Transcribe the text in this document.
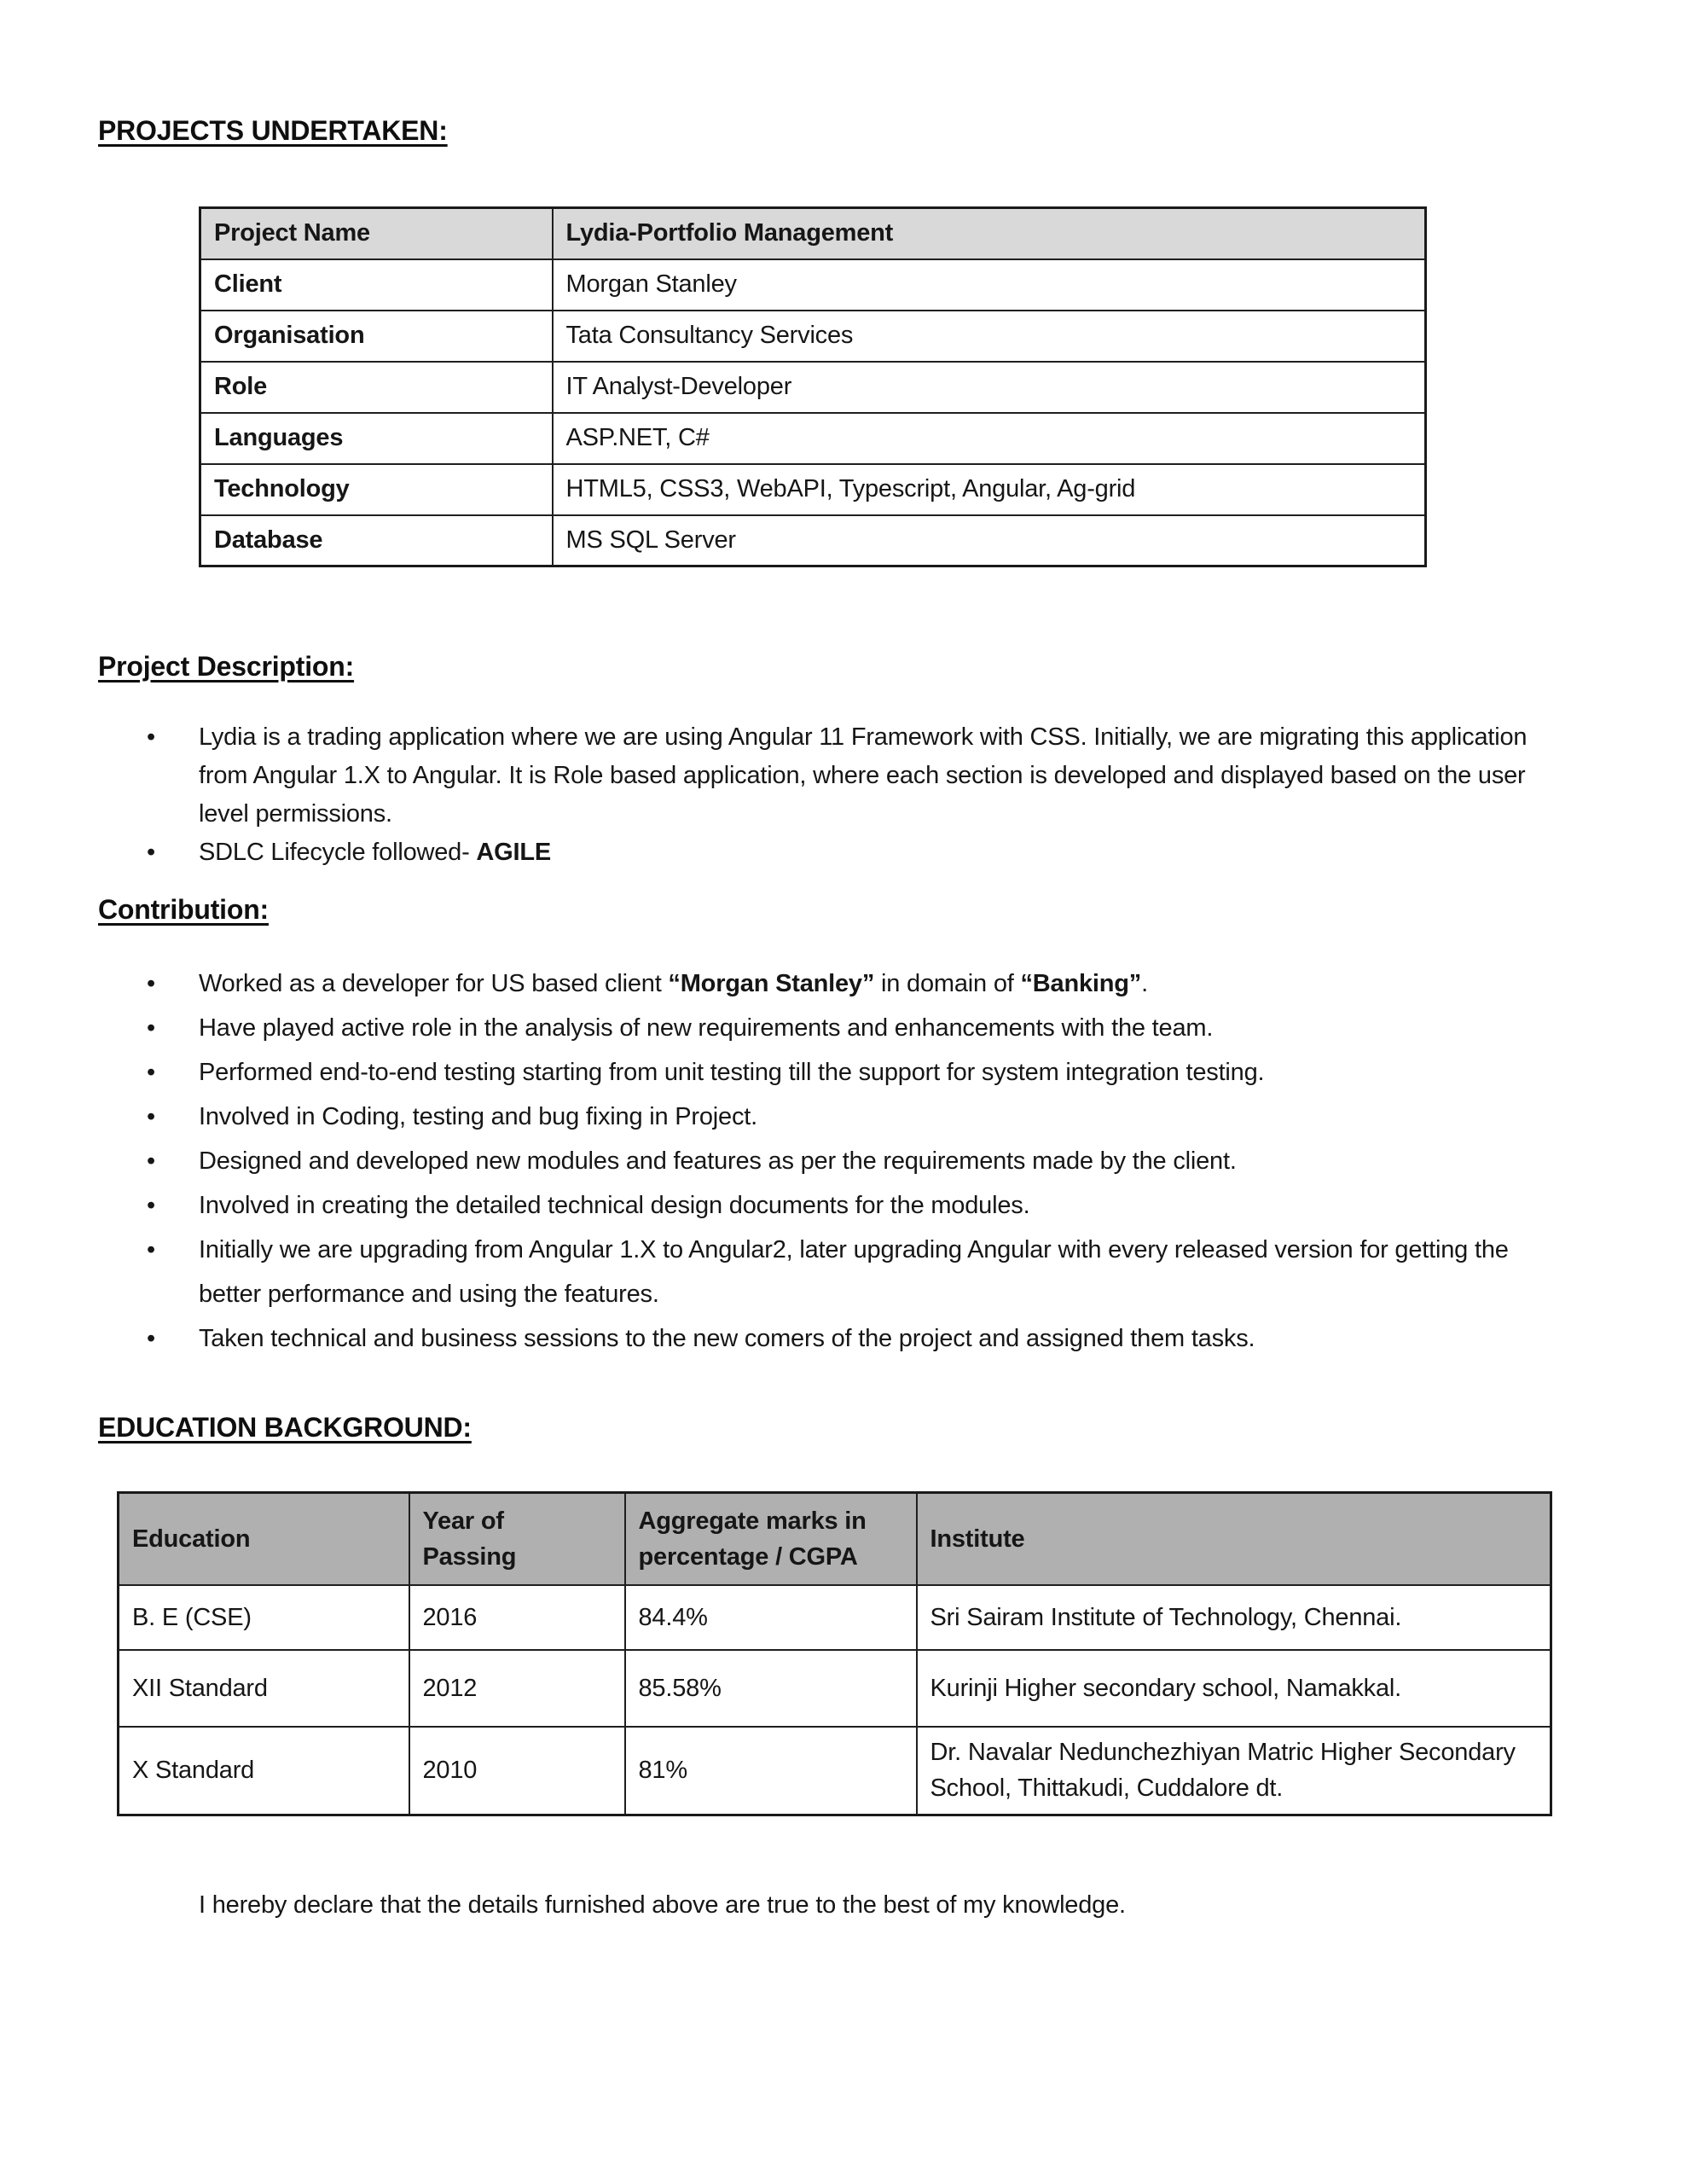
PROJECTS UNDERTAKEN:
Project Name	Lydia-Portfolio Management
Client	Morgan Stanley
Organisation	Tata Consultancy Services
Role	IT Analyst-Developer
Languages	ASP.NET, C#
Technology	HTML5, CSS3, WebAPI, Typescript, Angular, Ag-grid
Database	MS SQL Server
Project Description:
• Lydia is a trading application where we are using Angular 11 Framework with CSS. Initially, we are migrating this application from Angular 1.X to Angular. It is Role based application, where each section is developed and displayed based on the user level permissions.
• SDLC Lifecycle followed- AGILE
Contribution:
• Worked as a developer for US based client “Morgan Stanley” in domain of “Banking”.
• Have played active role in the analysis of new requirements and enhancements with the team.
• Performed end-to-end testing starting from unit testing till the support for system integration testing.
• Involved in Coding, testing and bug fixing in Project.
• Designed and developed new modules and features as per the requirements made by the client.
• Involved in creating the detailed technical design documents for the modules.
• Initially we are upgrading from Angular 1.X to Angular2, later upgrading Angular with every released version for getting the better performance and using the features.
• Taken technical and business sessions to the new comers of the project and assigned them tasks.
EDUCATION BACKGROUND:
Education	Year of Passing	Aggregate marks in percentage / CGPA	Institute
B. E (CSE)	2016	84.4%	Sri Sairam Institute of Technology, Chennai.
XII Standard	2012	85.58%	Kurinji Higher secondary school, Namakkal.
X Standard	2010	81%	Dr. Navalar Nedunchezhiyan Matric Higher Secondary School, Thittakudi, Cuddalore dt.

I hereby declare that the details furnished above are true to the best of my knowledge.
